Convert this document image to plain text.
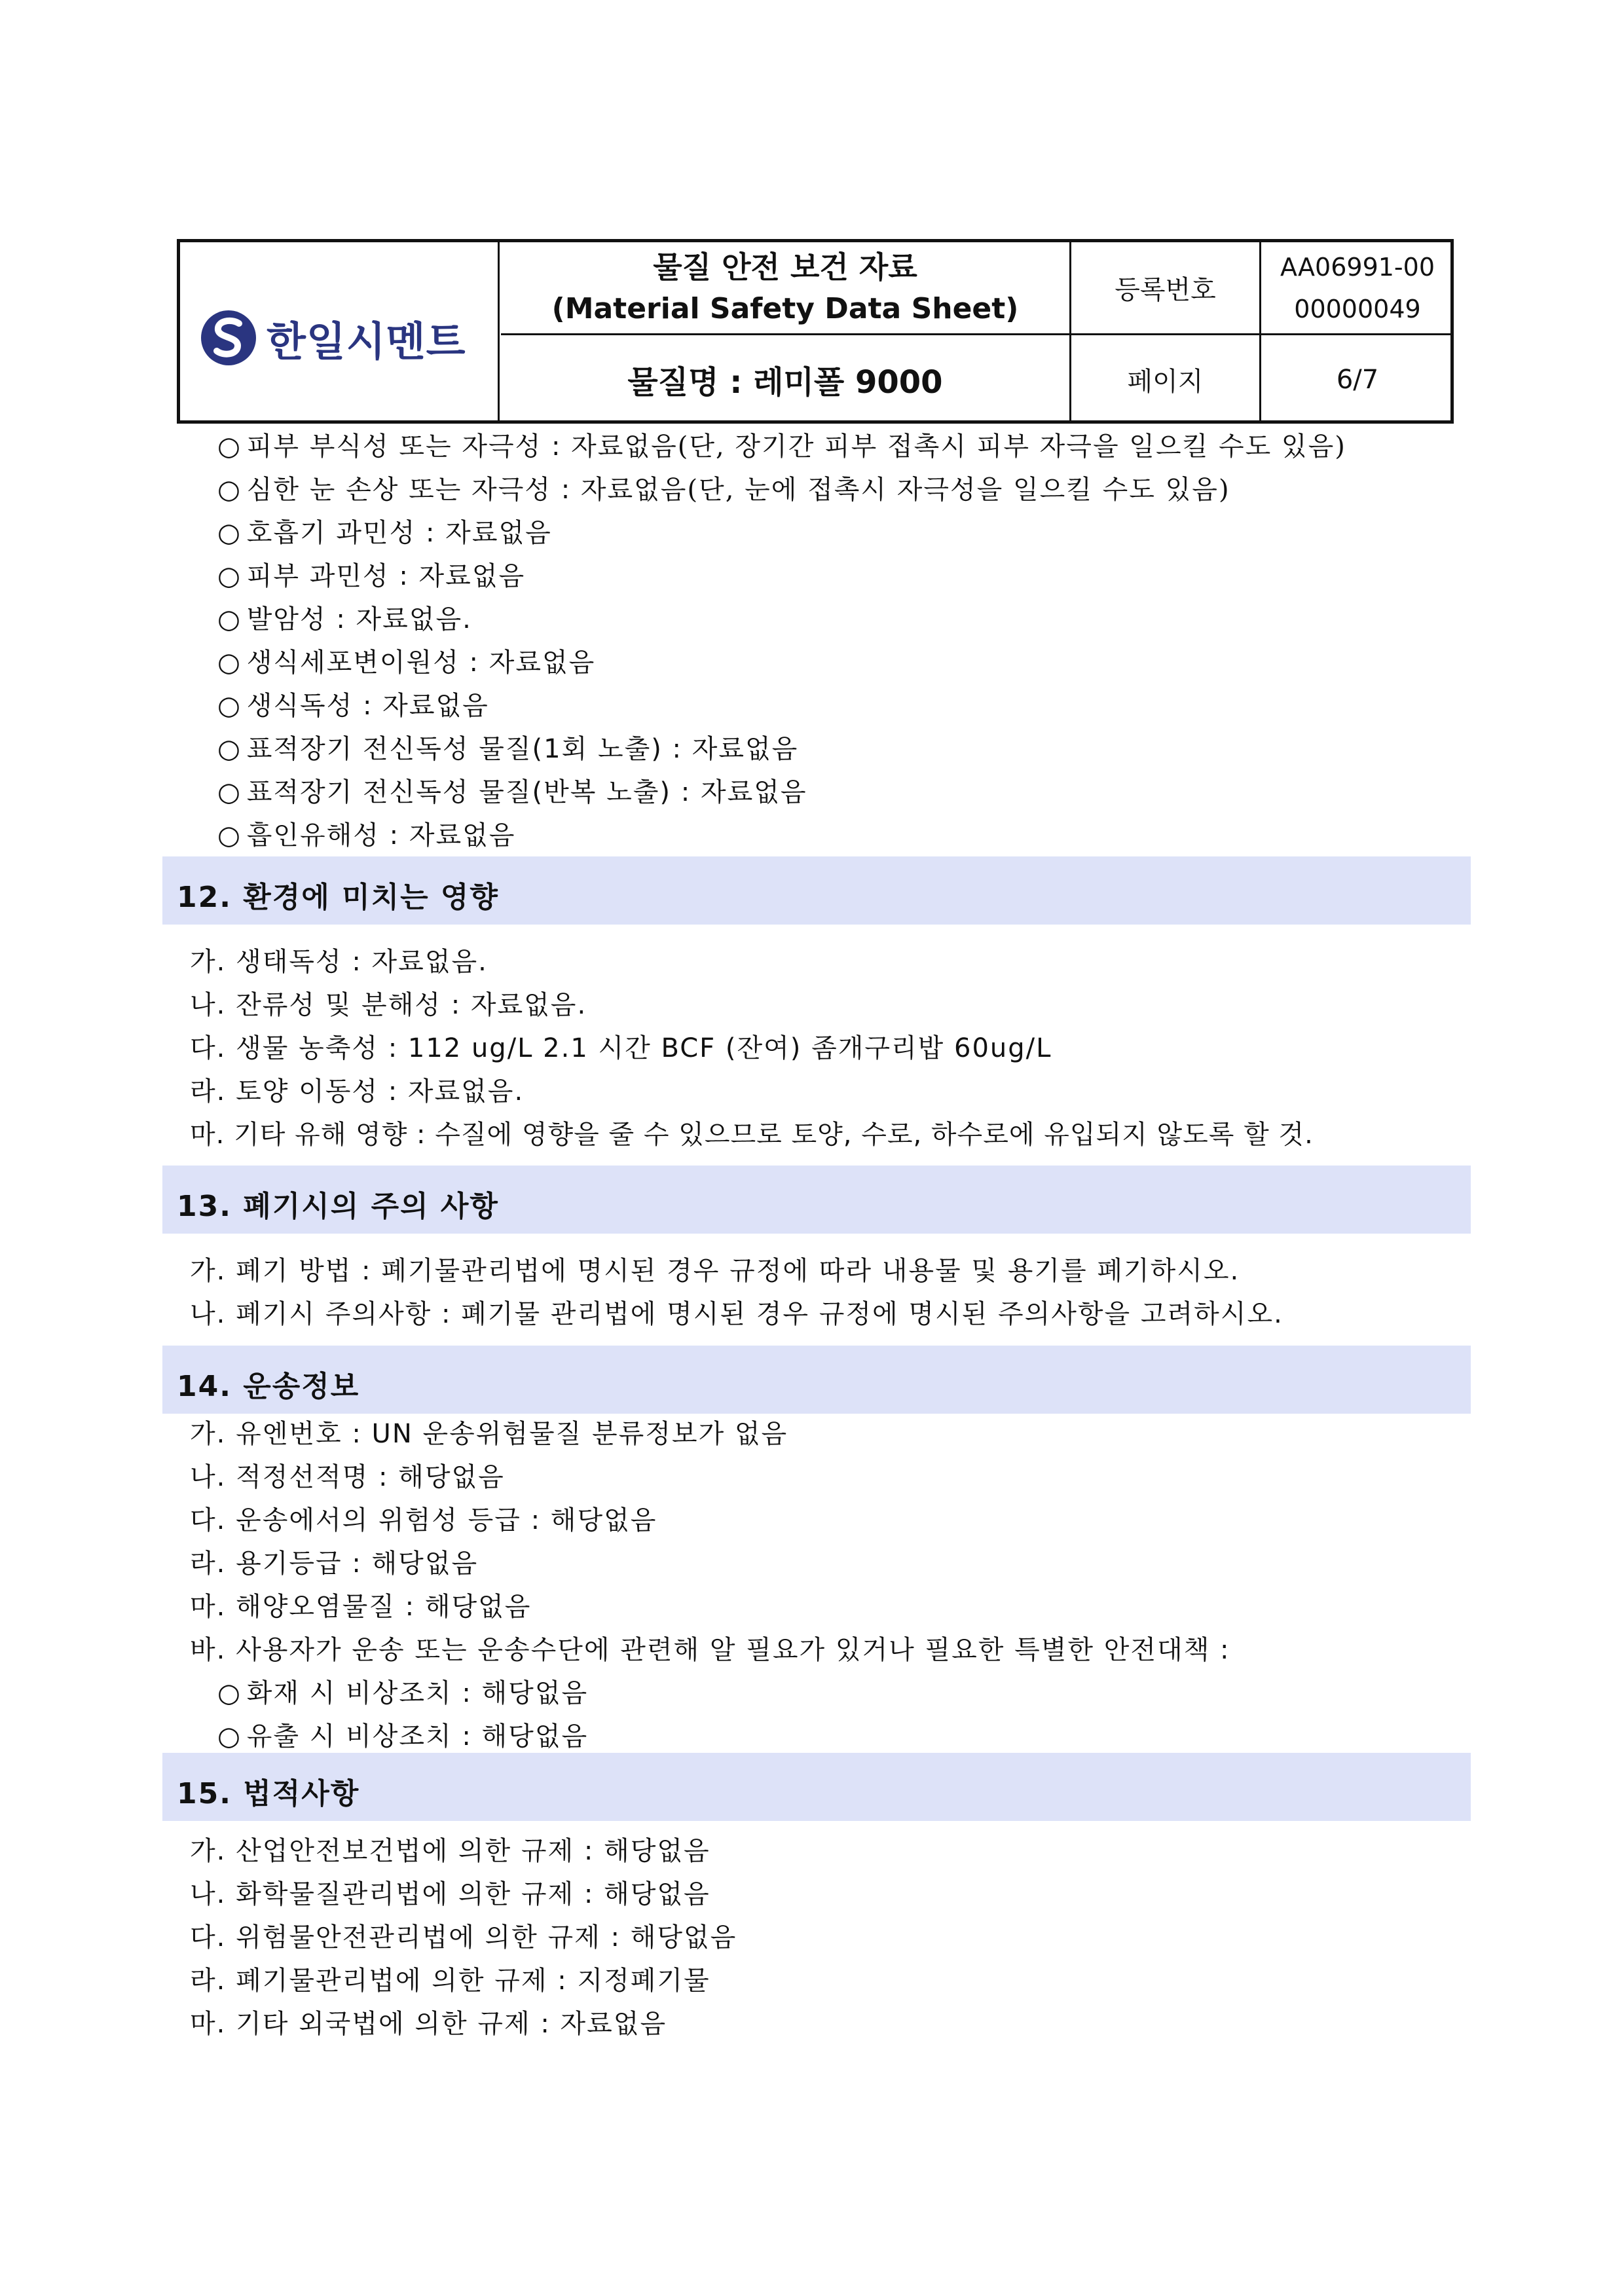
한일시멘트
물질 안전 보건 자료
(Material Safety Data Sheet)
물질명 : 레미폴 9000
등록번호
AA06991-00
00000049
페이지	6/7
○ 피부 부식성 또는 자극성 : 자료없음(단, 장기간 피부 접촉시 피부 자극을 일으킬 수도 있음)
○ 심한 눈 손상 또는 자극성 : 자료없음(단, 눈에 접촉시 자극성을 일으킬 수도 있음)
○ 호흡기 과민성 : 자료없음
○ 피부 과민성 : 자료없음
○ 발암성 : 자료없음.
○ 생식세포변이원성 : 자료없음
○ 생식독성 : 자료없음
○ 표적장기 전신독성 물질(1회 노출) : 자료없음
○ 표적장기 전신독성 물질(반복 노출) : 자료없음
○ 흡인유해성 : 자료없음
12. 환경에 미치는 영향
가. 생태독성 : 자료없음.
나. 잔류성 및 분해성 : 자료없음.
다. 생물 농축성 : 112 ug/L 2.1 시간 BCF (잔여) 좀개구리밥 60ug/L
라. 토양 이동성 : 자료없음.
마. 기타 유해 영향 : 수질에 영향을 줄 수 있으므로 토양, 수로, 하수로에 유입되지 않도록 할 것.
13. 폐기시의 주의 사항
가. 폐기 방법 : 폐기물관리법에 명시된 경우 규정에 따라 내용물 및 용기를 폐기하시오.
나. 폐기시 주의사항 : 폐기물 관리법에 명시된 경우 규정에 명시된 주의사항을 고려하시오.
14. 운송정보
가. 유엔번호 : UN 운송위험물질 분류정보가 없음
나. 적정선적명 : 해당없음
다. 운송에서의 위험성 등급 : 해당없음
라. 용기등급 : 해당없음
마. 해양오염물질 : 해당없음
바. 사용자가 운송 또는 운송수단에 관련해 알 필요가 있거나 필요한 특별한 안전대책 :
○ 화재 시 비상조치 : 해당없음
○ 유출 시 비상조치 : 해당없음
15. 법적사항
가. 산업안전보건법에 의한 규제 : 해당없음
나. 화학물질관리법에 의한 규제 : 해당없음
다. 위험물안전관리법에 의한 규제 : 해당없음
라. 폐기물관리법에 의한 규제 : 지정폐기물
마. 기타 외국법에 의한 규제 : 자료없음
